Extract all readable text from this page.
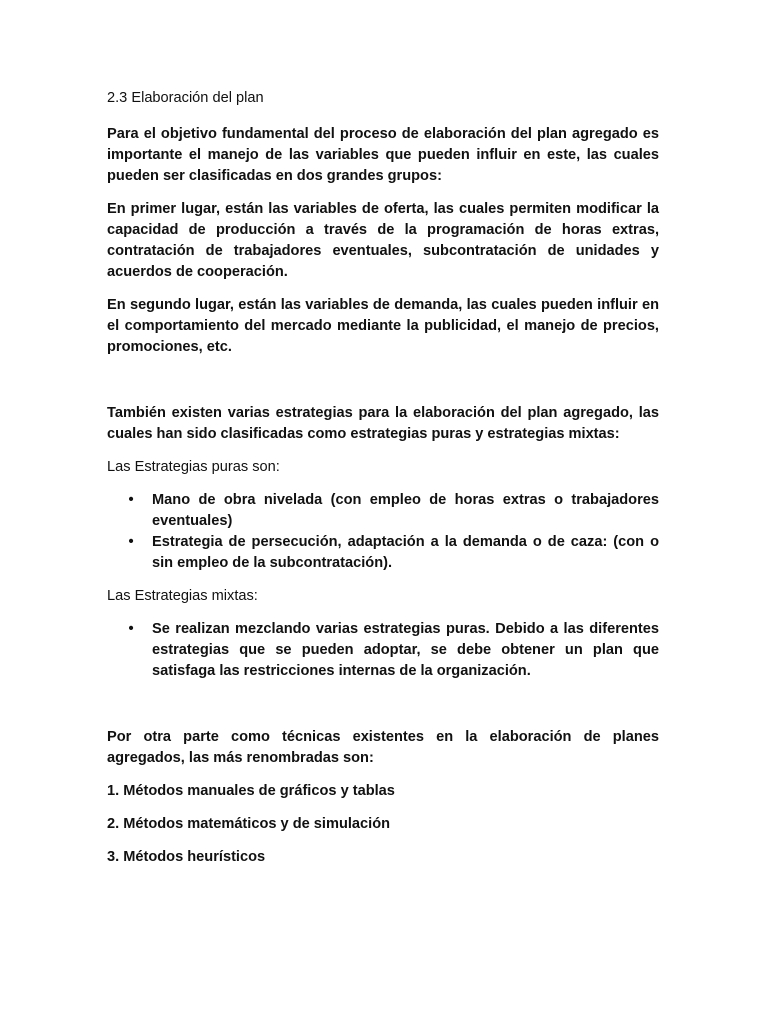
2.3 Elaboración del plan

Para el objetivo fundamental del proceso de elaboración del plan agregado es importante el manejo de las variables que pueden influir en este, las cuales pueden ser clasificadas en dos grandes grupos:

En primer lugar, están las variables de oferta, las cuales permiten modificar la capacidad de producción a través de la programación de horas extras, contratación de trabajadores eventuales, subcontratación de unidades y acuerdos de cooperación.

En segundo lugar, están las variables de demanda, las cuales pueden influir en el comportamiento del mercado mediante la publicidad, el manejo de precios, promociones, etc.

También existen varias estrategias para la elaboración del plan agregado, las cuales han sido clasificadas como estrategias puras y estrategias mixtas:

Las Estrategias puras son:

• Mano de obra nivelada (con empleo de horas extras o trabajadores eventuales)
• Estrategia de persecución, adaptación a la demanda o de caza: (con o sin empleo de la subcontratación).

Las Estrategias mixtas:

• Se realizan mezclando varias estrategias puras. Debido a las diferentes estrategias que se pueden adoptar, se debe obtener un plan que satisfaga las restricciones internas de la organización.

Por otra parte como técnicas existentes en la elaboración de planes agregados, las más renombradas son:

1. Métodos manuales de gráficos y tablas

2. Métodos matemáticos y de simulación

3. Métodos heurísticos
